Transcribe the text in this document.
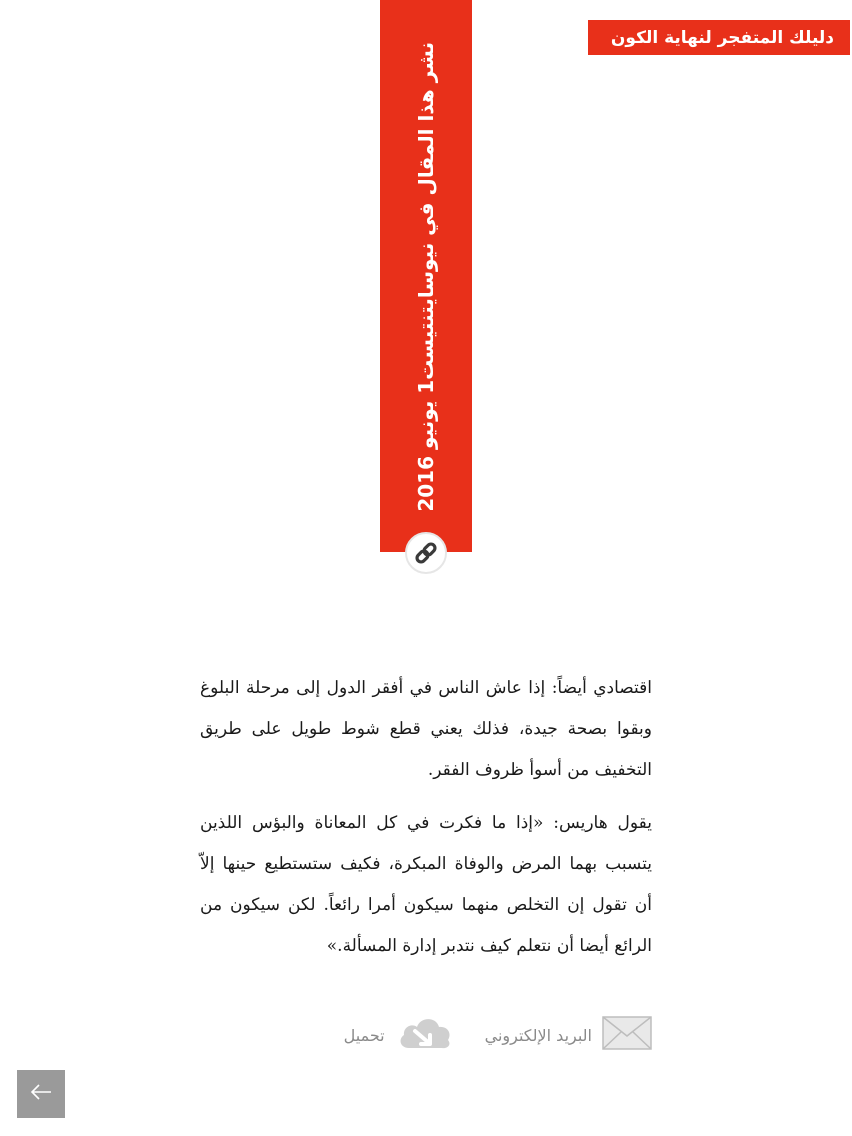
دليلك المتفجر لنهاية الكون
نشر هذا المقال في نيوسايتنتيست
1 يونيو 2016

اقتصادي أيضاً: إذا عاش الناس في أفقر الدول إلى مرحلة البلوغ وبقوا بصحة جيدة، فذلك يعني قطع شوط طويل على طريق التخفيف من أسوأ ظروف الفقر.

يقول هاريس: «إذا ما فكرت في كل المعاناة والبؤس اللذين يتسبب بهما المرض والوفاة المبكرة، فكيف ستستطيع حينها إلاّ أن تقول إن التخلص منهما سيكون أمرا رائعاً. لكن سيكون من الرائع أيضا أن نتعلم كيف نتدبر إدارة المسألة.»

البريد الإلكتروني
تحميل
